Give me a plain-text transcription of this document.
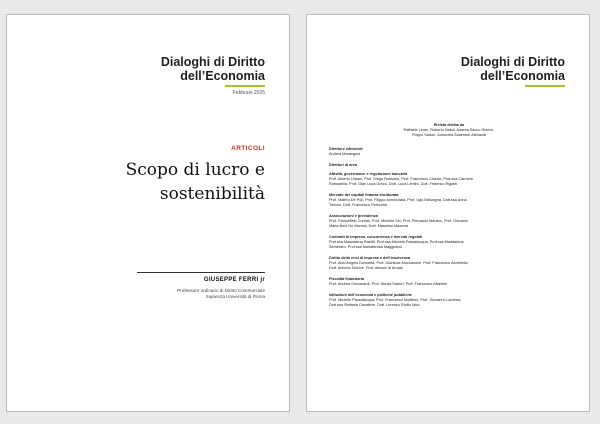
Dialoghi di Diritto
dell’Economia
Febbraio 2025
ARTICOLI
Scopo di lucro e
sostenibilità
GIUSEPPE FERRI jr
Professore ordinario di Diritto Commerciale
Sapienza Università di Roma
Dialoghi di Diritto
dell’Economia
Rivista diretta da
Raffaele Lener, Roberto Natoli, Andrea Sacco Ginevri,
Filippo Sartori, Antonella Sciarrone Alibrandi
Direttore editoriale
Andrea Marangoni
Direttori di area
Attività, governance e regolazione bancaria
Prof. Alberto Urbani, Prof. Diego Rossano, Prof. Francesco Ciraolo, Prof.ssa Carmela
Robustella, Prof. Gian Luca Greco, Dott. Luca Lentini, Dott. Federico Riganti
Mercato dei capitali finanza strutturata
Prof. Matteo De Poli, Prof. Filippo Annunziata, Prof. Ugo Malvagna, Dott.ssa Anna
Toniolo, Dott. Francesco Petrosino
Assicurazioni e previdenza
Prof. Paoloefisio Corrias, Prof. Michele Siri, Prof. Pierpaolo Marano, Prof. Giovanni
Maria Berti De Marinis, Dott. Massimo Mazzola
Contratti di impresa, concorrenza e mercati regolati
Prof.ssa Maddalena Rabitti, Prof.ssa Michela Passalacqua, Prof.ssa Maddalena
Semeraro, Prof.ssa Mariateresa Maggiolino
Diritto della crisi di impresa e dell’insolvenza
Prof. Aldo Angelo Dolmetta, Prof. Gianluca Mucciarone, Prof. Francesco Accettella,
Dott. Antonio Didone, Prof. Alessio di Amato
Fiscalità finanziaria
Prof. Andrea Giovanardi, Prof. Nicola Sartori, Prof. Francesco Albertini
Istituzioni dell’economia e politiche pubbliche
Prof. Michele Passalacqua, Prof. Francesco Moliterni, Prof. Giovanni Luchena,
Dott.ssa Stefania Cavaliere, Dott. Lorenzo Rodio Nico
